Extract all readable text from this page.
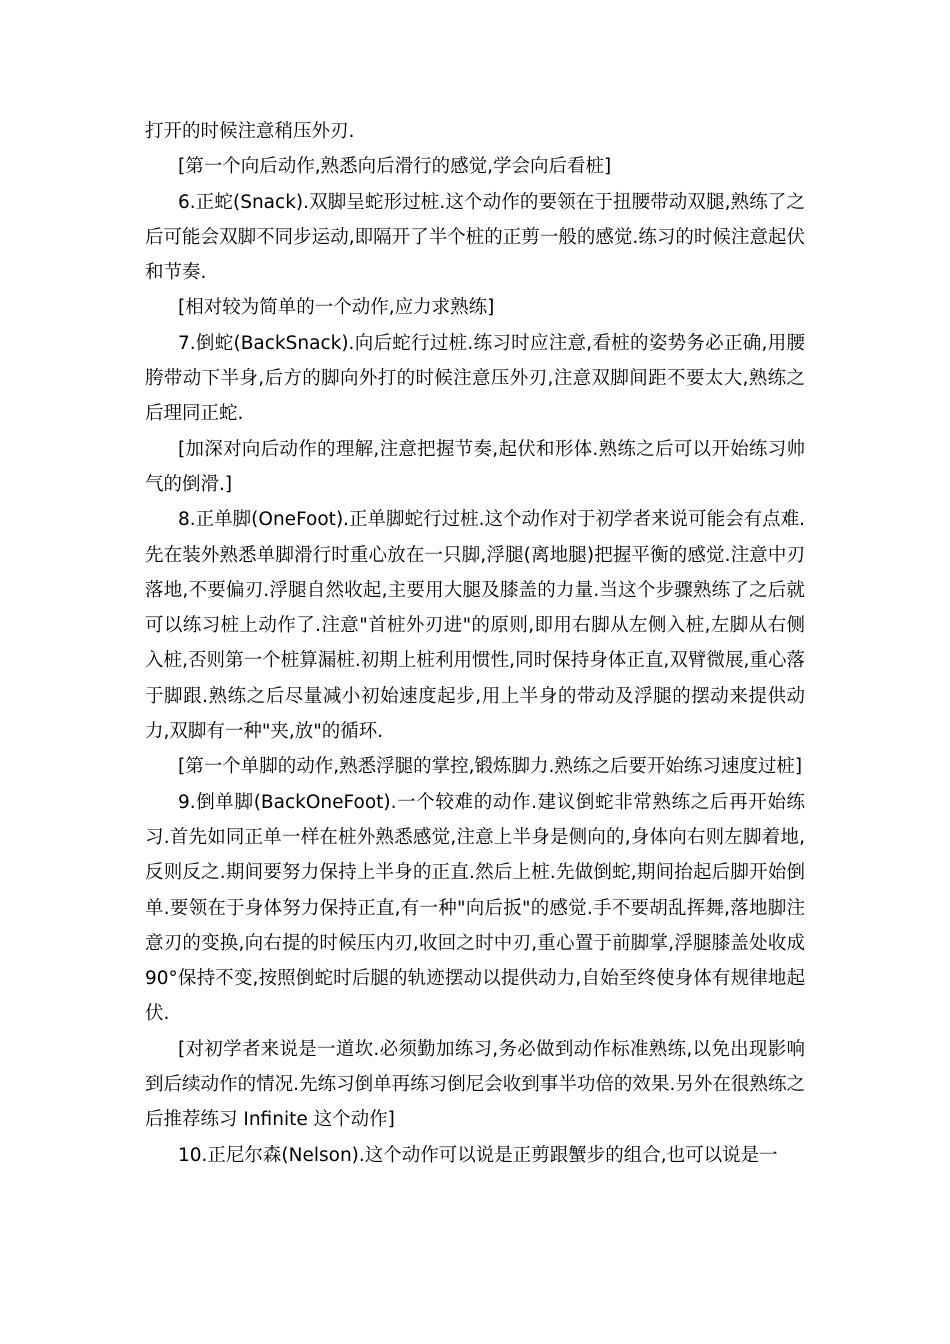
打开的时候注意稍压外刃.

[第一个向后动作,熟悉向后滑行的感觉,学会向后看桩]

6.正蛇(Snack).双脚呈蛇形过桩.这个动作的要领在于扭腰带动双腿,熟练了之后可能会双脚不同步运动,即隔开了半个桩的正剪一般的感觉.练习的时候注意起伏和节奏.

[相对较为简单的一个动作,应力求熟练]

7.倒蛇(BackSnack).向后蛇行过桩.练习时应注意,看桩的姿势务必正确,用腰胯带动下半身,后方的脚向外打的时候注意压外刃,注意双脚间距不要太大,熟练之后理同正蛇.

[加深对向后动作的理解,注意把握节奏,起伏和形体.熟练之后可以开始练习帅气的倒滑.]

8.正单脚(OneFoot).正单脚蛇行过桩.这个动作对于初学者来说可能会有点难.先在装外熟悉单脚滑行时重心放在一只脚,浮腿(离地腿)把握平衡的感觉.注意中刃落地,不要偏刃.浮腿自然收起,主要用大腿及膝盖的力量.当这个步骤熟练了之后就可以练习桩上动作了.注意"首桩外刃进"的原则,即用右脚从左侧入桩,左脚从右侧入桩,否则第一个桩算漏桩.初期上桩利用惯性,同时保持身体正直,双臂微展,重心落于脚跟.熟练之后尽量减小初始速度起步,用上半身的带动及浮腿的摆动来提供动力,双脚有一种"夹,放"的循环.

[第一个单脚的动作,熟悉浮腿的掌控,锻炼脚力.熟练之后要开始练习速度过桩]

9.倒单脚(BackOneFoot).一个较难的动作.建议倒蛇非常熟练之后再开始练习.首先如同正单一样在桩外熟悉感觉,注意上半身是侧向的,身体向右则左脚着地,反则反之.期间要努力保持上半身的正直.然后上桩.先做倒蛇,期间抬起后脚开始倒单.要领在于身体努力保持正直,有一种"向后扳"的感觉.手不要胡乱挥舞,落地脚注意刃的变换,向右提的时候压内刃,收回之时中刃,重心置于前脚掌,浮腿膝盖处收成90°保持不变,按照倒蛇时后腿的轨迹摆动以提供动力,自始至终使身体有规律地起伏.

[对初学者来说是一道坎.必须勤加练习,务必做到动作标准熟练,以免出现影响到后续动作的情况.先练习倒单再练习倒尼会收到事半功倍的效果.另外在很熟练之后推荐练习 Infinite 这个动作]

10.正尼尔森(Nelson).这个动作可以说是正剪跟蟹步的组合,也可以说是一
